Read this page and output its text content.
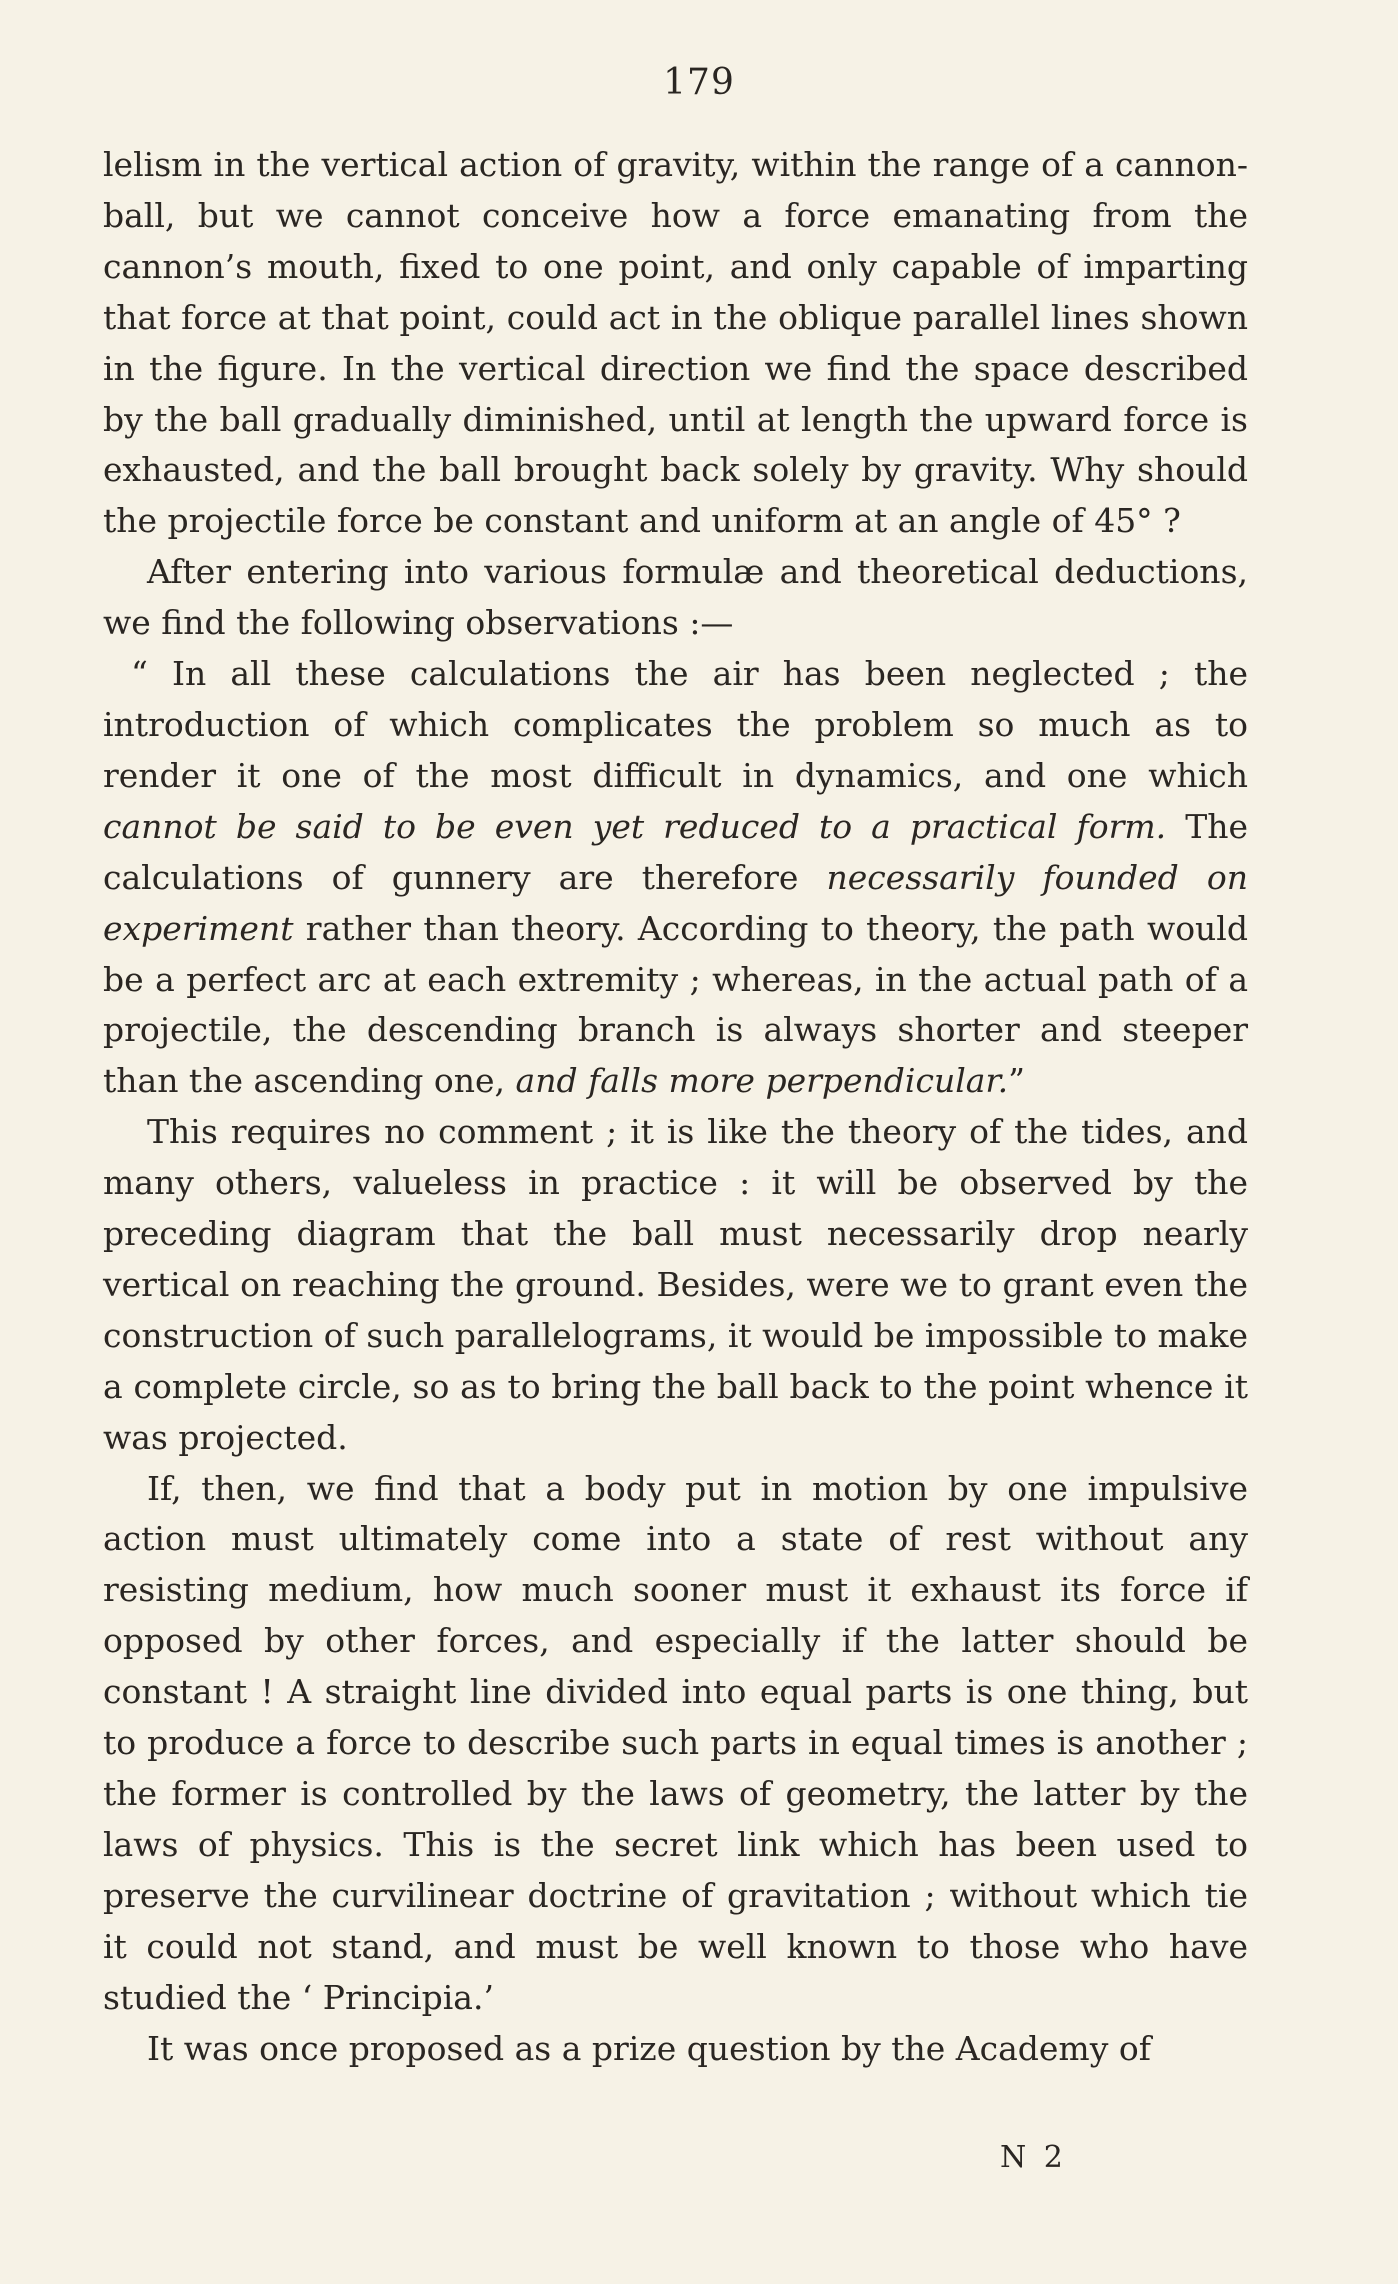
179

lelism in the vertical action of gravity, within the range of a cannon-ball, but we cannot conceive how a force emanating from the cannon’s mouth, fixed to one point, and only capable of imparting that force at that point, could act in the oblique parallel lines shown in the figure. In the vertical direction we find the space described by the ball gradually diminished, until at length the upward force is exhausted, and the ball brought back solely by gravity. Why should the projectile force be constant and uniform at an angle of 45° ?

After entering into various formulæ and theoretical deductions, we find the following observations :—

“ In all these calculations the air has been neglected ; the introduction of which complicates the problem so much as to render it one of the most difficult in dynamics, and one which cannot be said to be even yet reduced to a practical form. The calculations of gunnery are therefore necessarily founded on experiment rather than theory. According to theory, the path would be a perfect arc at each extremity ; whereas, in the actual path of a projectile, the descending branch is always shorter and steeper than the ascending one, and falls more perpendicular.”

This requires no comment ; it is like the theory of the tides, and many others, valueless in practice : it will be observed by the preceding diagram that the ball must necessarily drop nearly vertical on reaching the ground. Besides, were we to grant even the construction of such parallelograms, it would be impossible to make a complete circle, so as to bring the ball back to the point whence it was projected.

If, then, we find that a body put in motion by one impulsive action must ultimately come into a state of rest without any resisting medium, how much sooner must it exhaust its force if opposed by other forces, and especially if the latter should be constant ! A straight line divided into equal parts is one thing, but to produce a force to describe such parts in equal times is another ; the former is controlled by the laws of geometry, the latter by the laws of physics. This is the secret link which has been used to preserve the curvilinear doctrine of gravitation ; without which tie it could not stand, and must be well known to those who have studied the ‘ Principia.’

It was once proposed as a prize question by the Academy of

N 2
